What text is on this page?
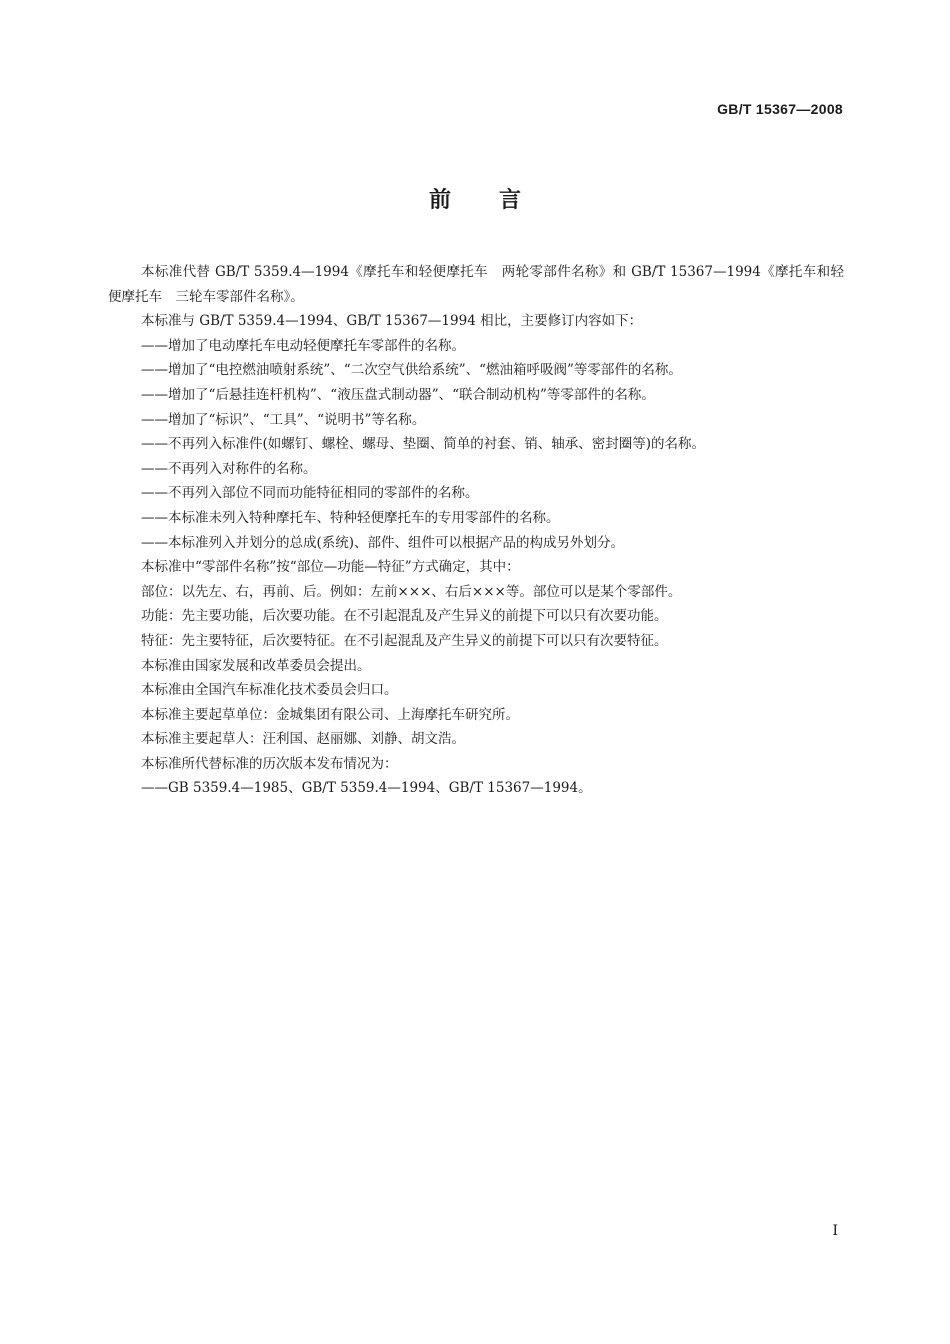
GB/T 15367—2008
前言

本标准代替 GB/T 5359.4—1994《摩托车和轻便摩托车　两轮零部件名称》和 GB/T 15367—1994《摩托车和轻便摩托车　三轮车零部件名称》。

本标准与 GB/T 5359.4—1994、GB/T 15367—1994 相比，主要修订内容如下：

——增加了电动摩托车电动轻便摩托车零部件的名称。

——增加了“电控燃油喷射系统”、“二次空气供给系统”、“燃油箱呼吸阀”等零部件的名称。

——增加了“后悬挂连杆机构”、“液压盘式制动器”、“联合制动机构”等零部件的名称。

——增加了“标识”、“工具”、“说明书”等名称。

——不再列入标准件(如螺钉、螺栓、螺母、垫圈、简单的衬套、销、轴承、密封圈等)的名称。

——不再列入对称件的名称。

——不再列入部位不同而功能特征相同的零部件的名称。

——本标准未列入特种摩托车、特种轻便摩托车的专用零部件的名称。

——本标准列入并划分的总成(系统)、部件、组件可以根据产品的构成另外划分。

本标准中“零部件名称”按“部位—功能—特征”方式确定，其中：

部位：以先左、右，再前、后。例如：左前×××、右后×××等。部位可以是某个零部件。

功能：先主要功能，后次要功能。在不引起混乱及产生异义的前提下可以只有次要功能。

特征：先主要特征，后次要特征。在不引起混乱及产生异义的前提下可以只有次要特征。

本标准由国家发展和改革委员会提出。

本标准由全国汽车标准化技术委员会归口。

本标准主要起草单位：金城集团有限公司、上海摩托车研究所。

本标准主要起草人：汪利国、赵丽娜、刘静、胡文浩。

本标准所代替标准的历次版本发布情况为：

——GB 5359.4—1985、GB/T 5359.4—1994、GB/T 15367—1994。

I
